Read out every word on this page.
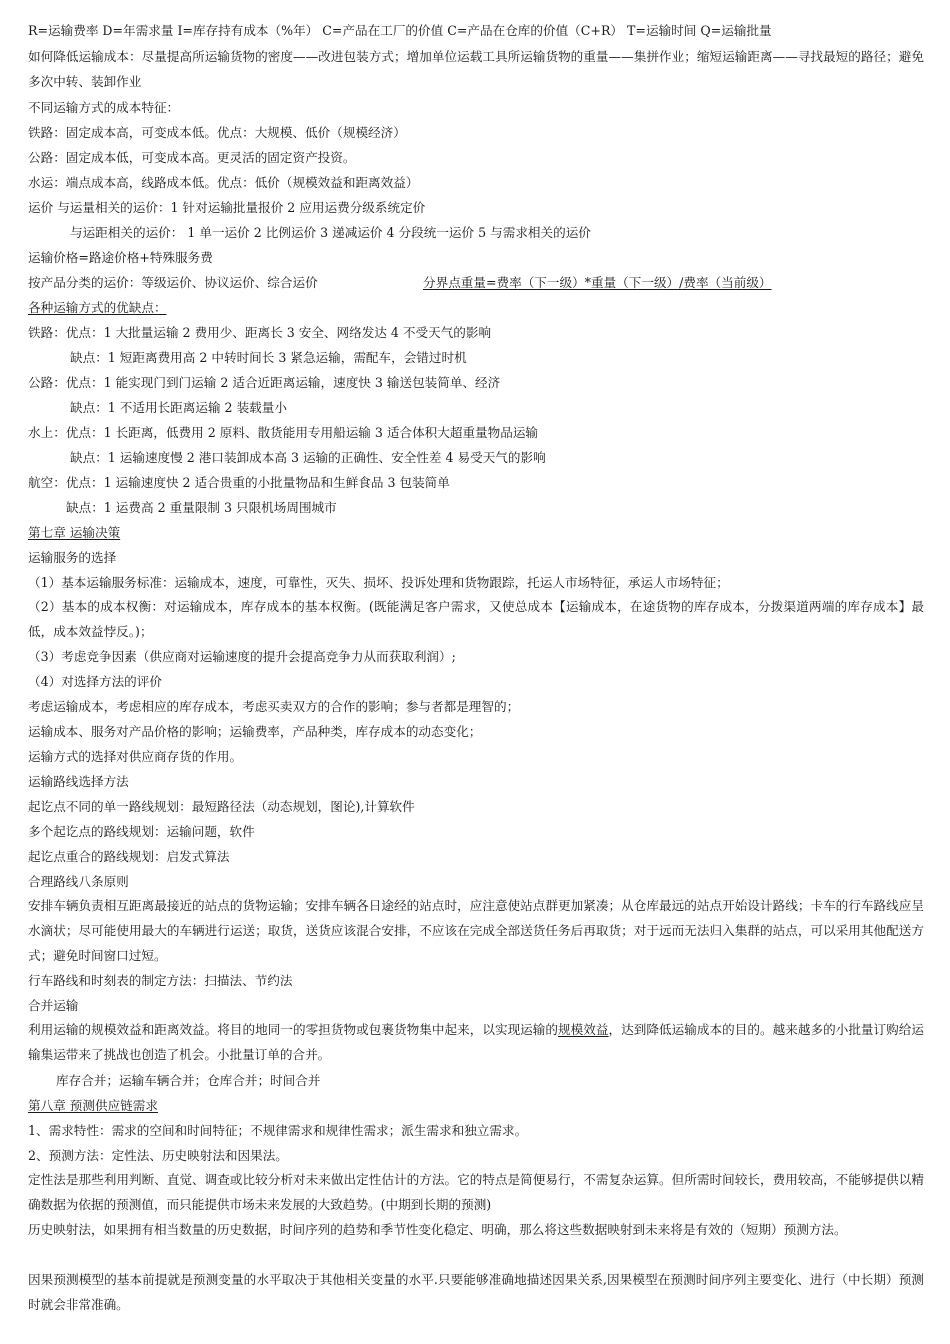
R=运输费率 D=年需求量 I=库存持有成本（%年） C=产品在工厂的价值 C=产品在仓库的价值（C+R） T=运输时间 Q=运输批量
如何降低运输成本：尽量提高所运输货物的密度——改进包装方式；增加单位运载工具所运输货物的重量——集拼作业；缩短运输距离——寻找最短的路径；避免多次中转、装卸作业
不同运输方式的成本特征：
铁路：固定成本高，可变成本低。优点：大规模、低价（规模经济）
公路：固定成本低，可变成本高。更灵活的固定资产投资。
水运：端点成本高，线路成本低。优点：低价（规模效益和距离效益）
运价 与运量相关的运价：1 针对运输批量报价 2 应用运费分级系统定价
与运距相关的运价： 1 单一运价 2 比例运价 3 递减运价 4 分段统一运价 5 与需求相关的运价
运输价格=路途价格+特殊服务费
按产品分类的运价：等级运价、协议运价、综合运价	分界点重量=费率（下一级）*重量（下一级）/费率（当前级）
各种运输方式的优缺点：
铁路：优点：1 大批量运输 2 费用少、距离长 3 安全、网络发达 4 不受天气的影响
缺点：1 短距离费用高 2 中转时间长 3 紧急运输，需配车，会错过时机
公路：优点：1 能实现门到门运输 2 适合近距离运输，速度快 3 输送包装简单、经济
缺点：1 不适用长距离运输 2 装载量小
水上：优点：1 长距离，低费用 2 原料、散货能用专用船运输 3 适合体积大超重量物品运输
缺点：1 运输速度慢 2 港口装卸成本高 3 运输的正确性、安全性差 4 易受天气的影响
航空：优点：1 运输速度快 2 适合贵重的小批量物品和生鲜食品 3 包装简单
缺点：1 运费高 2 重量限制 3 只限机场周围城市
第七章 运输决策
运输服务的选择
（1）基本运输服务标准：运输成本，速度，可靠性，灭失、损坏、投诉处理和货物跟踪，托运人市场特征，承运人市场特征；
（2）基本的成本权衡：对运输成本，库存成本的基本权衡。(既能满足客户需求，又使总成本【运输成本，在途货物的库存成本，分拨渠道两端的库存成本】最低，成本效益悖反。)；
（3）考虑竞争因素（供应商对运输速度的提升会提高竞争力从而获取利润）;
（4）对选择方法的评价
考虑运输成本，考虑相应的库存成本，考虑买卖双方的合作的影响；参与者都是理智的；
运输成本、服务对产品价格的影响；运输费率，产品种类，库存成本的动态变化；
运输方式的选择对供应商存货的作用。
运输路线选择方法
起讫点不同的单一路线规划：最短路径法（动态规划，图论),计算软件
多个起讫点的路线规划：运输问题，软件
起讫点重合的路线规划：启发式算法
合理路线八条原则
安排车辆负责相互距离最接近的站点的货物运输；安排车辆各日途经的站点时，应注意使站点群更加紧凑；从仓库最远的站点开始设计路线；卡车的行车路线应呈水滴状；尽可能使用最大的车辆进行运送；取货，送货应该混合安排，不应该在完成全部送货任务后再取货；对于远而无法归入集群的站点，可以采用其他配送方式；避免时间窗口过短。
行车路线和时刻表的制定方法：扫描法、节约法
合并运输
利用运输的规模效益和距离效益。将目的地同一的零担货物或包裹货物集中起来，以实现运输的规模效益，达到降低运输成本的目的。越来越多的小批量订购给运输集运带来了挑战也创造了机会。小批量订单的合并。
库存合并；运输车辆合并；仓库合并；时间合并
第八章 预测供应链需求
1、需求特性：需求的空间和时间特征；不规律需求和规律性需求；派生需求和独立需求。
2、预测方法：定性法、历史映射法和因果法。
定性法是那些利用判断、直觉、调查或比较分析对未来做出定性估计的方法。它的特点是简便易行，不需复杂运算。但所需时间较长，费用较高，不能够提供以精确数据为依据的预测值，而只能提供市场未来发展的大致趋势。(中期到长期的预测)
历史映射法，如果拥有相当数量的历史数据，时间序列的趋势和季节性变化稳定、明确，那么将这些数据映射到未来将是有效的（短期）预测方法。
因果预测模型的基本前提就是预测变量的水平取决于其他相关变量的水平.只要能够准确地描述因果关系,因果模型在预测时间序列主要变化、进行（中长期）预测时就会非常准确。
